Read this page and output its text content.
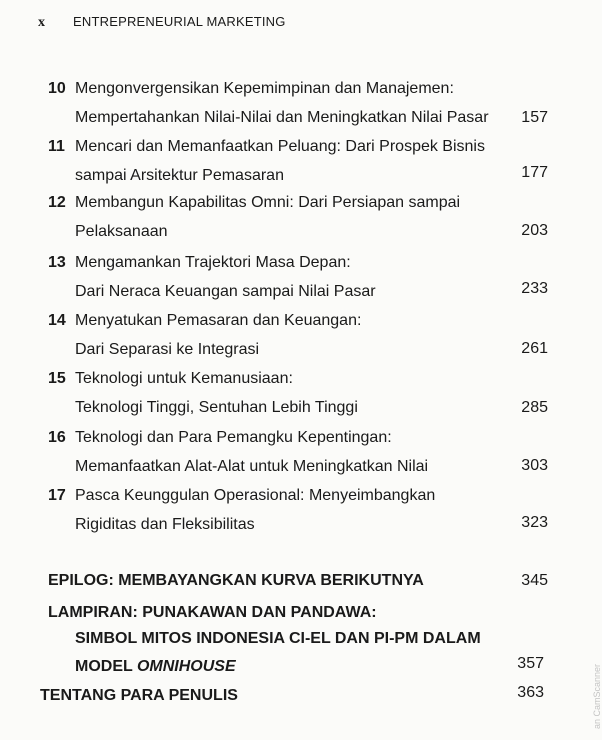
x ENTREPRENEURIAL MARKETING
10 Mengonvergensikan Kepemimpinan dan Manajemen:
Mempertahankan Nilai-Nilai dan Meningkatkan Nilai Pasar 157
11 Mencari dan Memanfaatkan Peluang: Dari Prospek Bisnis
sampai Arsitektur Pemasaran	177
12 Membangun Kapabilitas Omni: Dari Persiapan sampai
Pelaksanaan	203
13 Mengamankan Trajektori Masa Depan:
Dari Neraca Keuangan sampai Nilai Pasar	233
14 Menyatukan Pemasaran dan Keuangan:
Dari Separasi ke Integrasi	261
15 Teknologi untuk Kemanusiaan:
Teknologi Tinggi, Sentuhan Lebih Tinggi	285
16 Teknologi dan Para Pemangku Kepentingan:
Memanfaatkan Alat-Alat untuk Meningkatkan Nilai	303
17 Pasca Keunggulan Operasional: Menyeimbangkan
Rigiditas dan Fleksibilitas	323
EPILOG: MEMBAYANGKAN KURVA BERIKUTNYA	345
LAMPIRAN: PUNAKAWAN DAN PANDAWA:
SIMBOL MITOS INDONESIA CI-EL DAN PI-PM DALAM
MODEL OMNIHOUSE	357
TENTANG PARA PENULIS	363	an CamScanner
